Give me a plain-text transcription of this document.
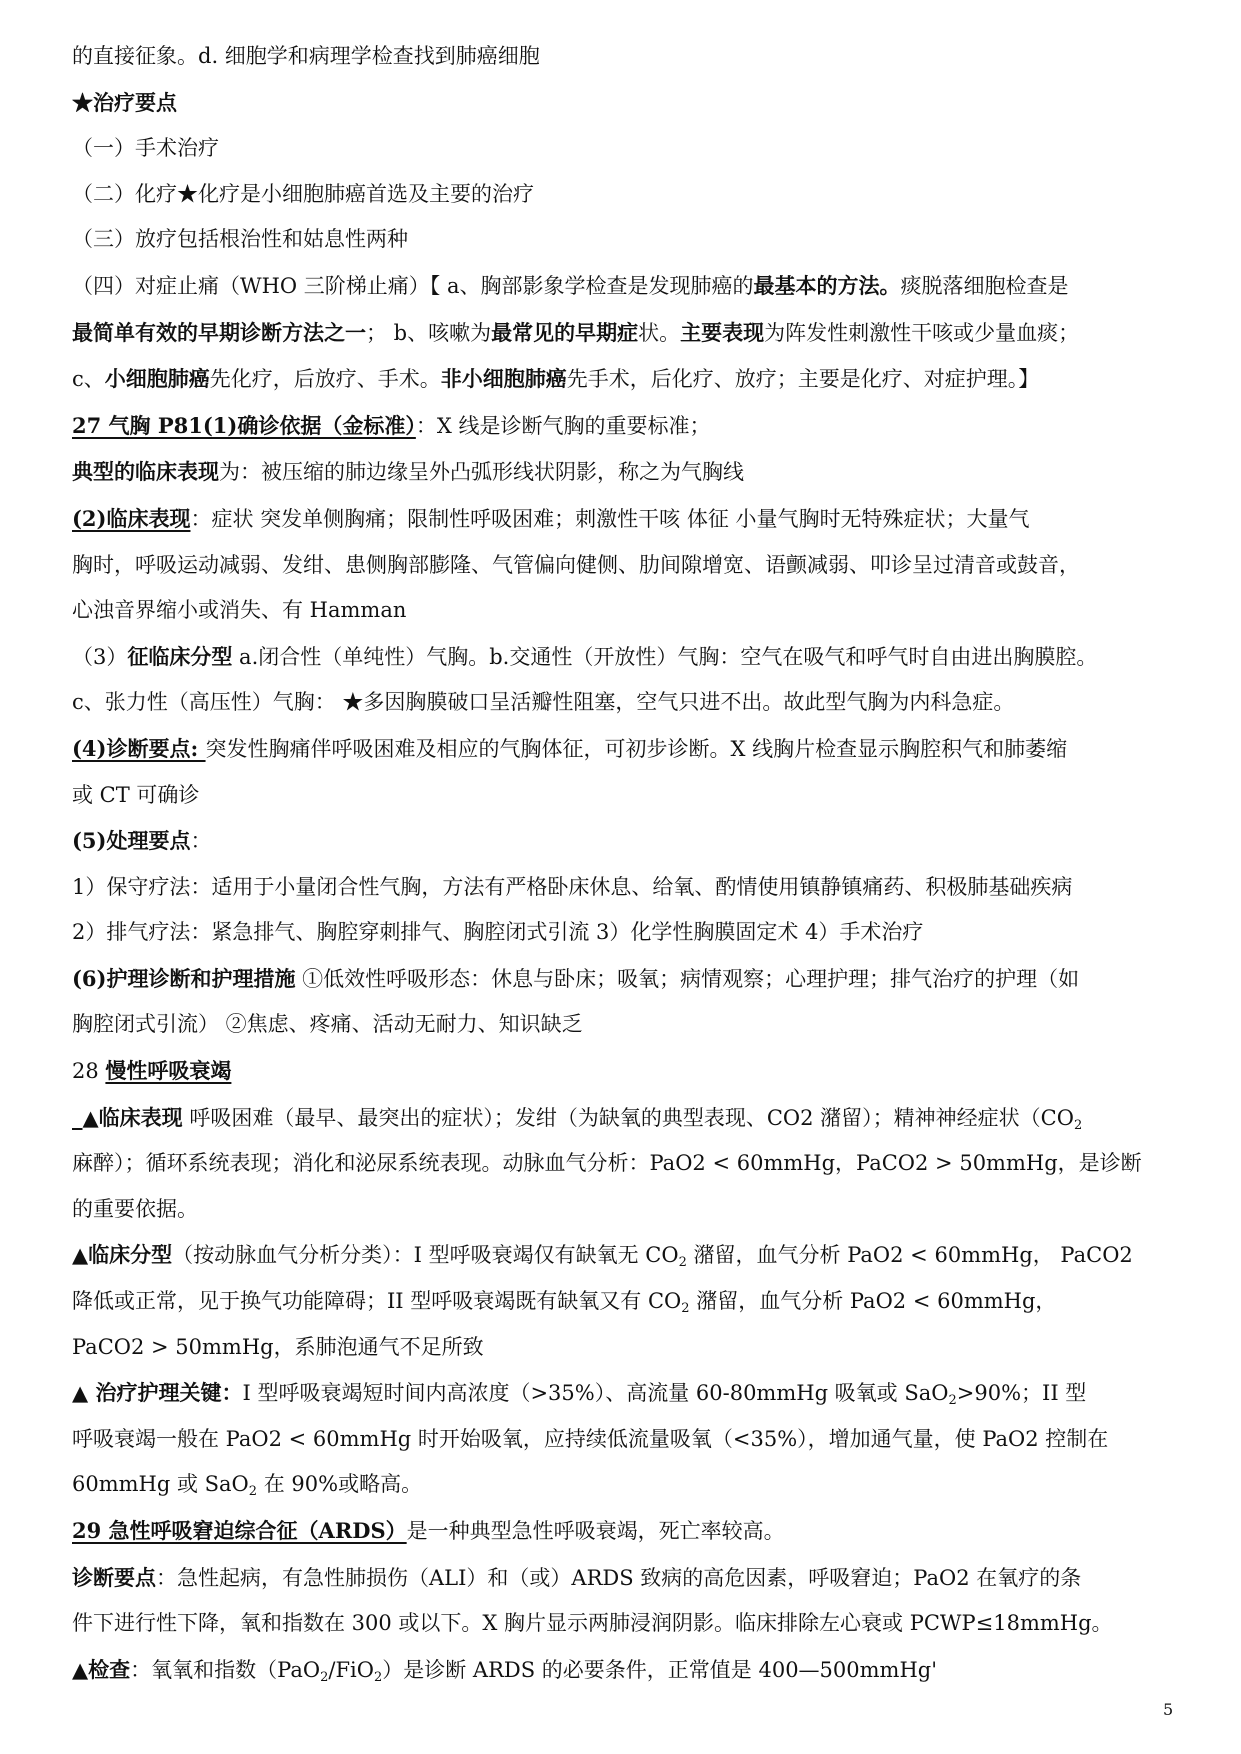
的直接征象。d. 细胞学和病理学检查找到肺癌细胞

★治疗要点

（一）手术治疗

（二）化疗★化疗是小细胞肺癌首选及主要的治疗

（三）放疗包括根治性和姑息性两种

（四）对症止痛（WHO 三阶梯止痛）【 a、胸部影象学检查是发现肺癌的最基本的方法。痰脱落细胞检查是

最简单有效的早期诊断方法之一； b、咳嗽为最常见的早期症状。主要表现为阵发性刺激性干咳或少量血痰；

c、小细胞肺癌先化疗，后放疗、手术。非小细胞肺癌先手术，后化疗、放疗；主要是化疗、对症护理。】

27 气胸 P81(1)确诊依据（金标准）：X 线是诊断气胸的重要标准；

典型的临床表现为：被压缩的肺边缘呈外凸弧形线状阴影，称之为气胸线

(2)临床表现：症状 突发单侧胸痛；限制性呼吸困难；刺激性干咳 体征 小量气胸时无特殊症状；大量气

胸时，呼吸运动减弱、发绀、患侧胸部膨隆、气管偏向健侧、肋间隙增宽、语颤减弱、叩诊呈过清音或鼓音，

心浊音界缩小或消失、有 Hamman

（3）征临床分型 a.闭合性（单纯性）气胸。b.交通性（开放性）气胸：空气在吸气和呼气时自由进出胸膜腔。

c、张力性（高压性）气胸： ★多因胸膜破口呈活瓣性阻塞，空气只进不出。故此型气胸为内科急症。

(4)诊断要点: 突发性胸痛伴呼吸困难及相应的气胸体征，可初步诊断。X 线胸片检查显示胸腔积气和肺萎缩

或 CT 可确诊

(5)处理要点：

1）保守疗法：适用于小量闭合性气胸，方法有严格卧床休息、给氧、酌情使用镇静镇痛药、积极肺基础疾病

2）排气疗法：紧急排气、胸腔穿刺排气、胸腔闭式引流 3）化学性胸膜固定术 4）手术治疗

(6)护理诊断和护理措施 ①低效性呼吸形态：休息与卧床；吸氧；病情观察；心理护理；排气治疗的护理（如

胸腔闭式引流） ②焦虑、疼痛、活动无耐力、知识缺乏

28 慢性呼吸衰竭

_▲临床表现 呼吸困难（最早、最突出的症状）；发绀（为缺氧的典型表现、CO2 潴留）；精神神经症状（$CO_2$

麻醉）；循环系统表现；消化和泌尿系统表现。动脉血气分析：PaO2 < 60mmHg，PaCO2 > 50mmHg，是诊断

的重要依据。

▲临床分型（按动脉血气分析分类）：I 型呼吸衰竭仅有缺氧无 $CO_2$ 潴留，血气分析 PaO2 < 60mmHg， PaCO2

降低或正常，见于换气功能障碍；II 型呼吸衰竭既有缺氧又有 $CO_2$ 潴留，血气分析 PaO2 < 60mmHg，

PaCO2 > 50mmHg，系肺泡通气不足所致

▲ 治疗护理关键：I 型呼吸衰竭短时间内高浓度（>35%）、高流量 60-80mmHg 吸氧或 SaO$_2$>90%；II 型

呼吸衰竭一般在 PaO2 < 60mmHg 时开始吸氧，应持续低流量吸氧（<35%），增加通气量，使 PaO2 控制在

60mmHg 或 SaO$_2$ 在 90%或略高。

29 急性呼吸窘迫综合征（ARDS）是一种典型急性呼吸衰竭，死亡率较高。

诊断要点：急性起病，有急性肺损伤（ALI）和（或）ARDS 致病的高危因素，呼吸窘迫；PaO2 在氧疗的条

件下进行性下降，氧和指数在 300 或以下。X 胸片显示两肺浸润阴影。临床排除左心衰或 PCWP≤18mmHg。

▲检查：氧氧和指数（PaO$_2$/FiO$_2$）是诊断 ARDS 的必要条件，正常值是 400—500mmHg'

5
